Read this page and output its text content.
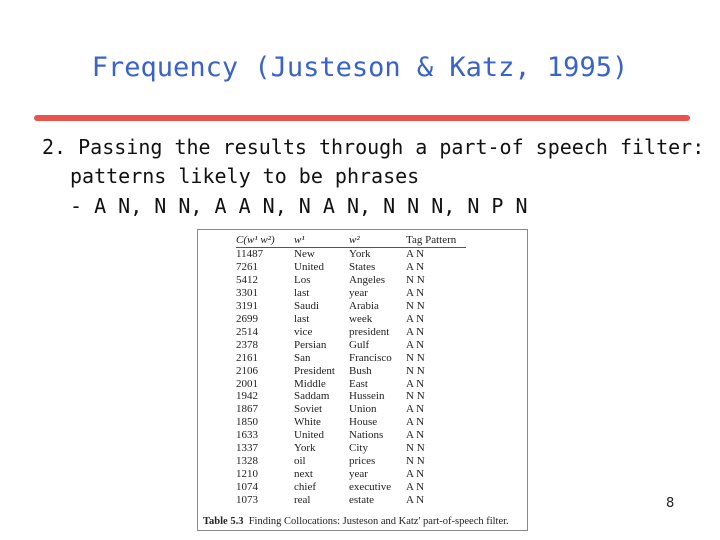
Frequency (Justeson & Katz, 1995)
2. Passing the results through a part-of speech filter:
patterns likely to be phrases
- A N, N N, A A N, N A N, N N N, N P N
C(w¹ w²)	w¹	w²	Tag Pattern
11487	New	York	A N
7261	United	States	A N
5412	Los	Angeles	N N
3301	last	year	A N
3191	Saudi	Arabia	N N
2699	last	week	A N
2514	vice	president	A N
2378	Persian	Gulf	A N
2161	San	Francisco	N N
2106	President	Bush	N N
2001	Middle	East	A N
1942	Saddam	Hussein	N N
1867	Soviet	Union	A N
1850	White	House	A N
1633	United	Nations	A N
1337	York	City	N N
1328	oil	prices	N N
1210	next	year	A N
1074	chief	executive	A N
1073	real	estate	A N
Table 5.3 Finding Collocations: Justeson and Katz' part-of-speech filter.
8
